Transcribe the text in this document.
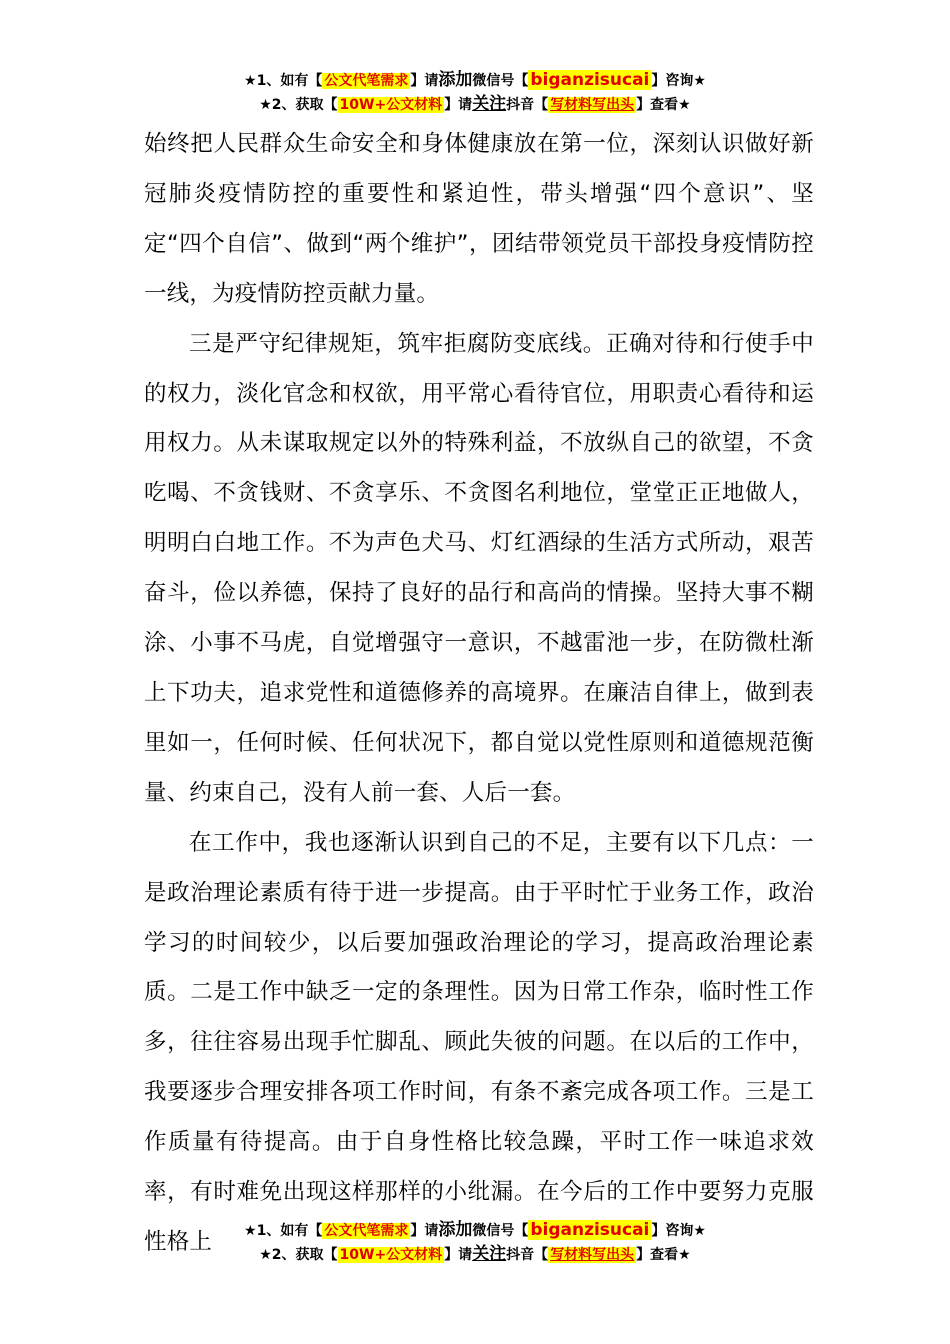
★1、如有【 公文代笔需求 】请添加微信号【 biganzisucai 】咨询★
★2、获取【 10W+公文材料 】请关注抖音【 写材料写出头 】查看★

始终把人民群众生命安全和身体健康放在第一位，深刻认识做好新冠肺炎疫情防控的重要性和紧迫性，带头增强“四个意识”、坚定“四个自信”、做到“两个维护”，团结带领党员干部投身疫情防控一线，为疫情防控贡献力量。

三是严守纪律规矩，筑牢拒腐防变底线。正确对待和行使手中的权力，淡化官念和权欲，用平常心看待官位，用职责心看待和运用权力。从未谋取规定以外的特殊利益，不放纵自己的欲望，不贪吃喝、不贪钱财、不贪享乐、不贪图名利地位，堂堂正正地做人，明明白白地工作。不为声色犬马、灯红酒绿的生活方式所动，艰苦奋斗，俭以养德，保持了良好的品行和高尚的情操。坚持大事不糊涂、小事不马虎，自觉增强守一意识，不越雷池一步，在防微杜渐上下功夫，追求党性和道德修养的高境界。在廉洁自律上，做到表里如一，任何时候、任何状况下，都自觉以党性原则和道德规范衡量、约束自己，没有人前一套、人后一套。

在工作中，我也逐渐认识到自己的不足，主要有以下几点：一是政治理论素质有待于进一步提高。由于平时忙于业务工作，政治学习的时间较少，以后要加强政治理论的学习，提高政治理论素质。二是工作中缺乏一定的条理性。因为日常工作杂，临时性工作多，往往容易出现手忙脚乱、顾此失彼的问题。在以后的工作中，我要逐步合理安排各项工作时间，有条不紊完成各项工作。三是工作质量有待提高。由于自身性格比较急躁，平时工作一味追求效率，有时难免出现这样那样的小纰漏。在今后的工作中要努力克服性格上	★1、如有【 公文代笔需求 】请添加微信号【 biganzisucai 】咨询★
★2、获取【 10W+公文材料 】请关注抖音【 写材料写出头 】查看★
